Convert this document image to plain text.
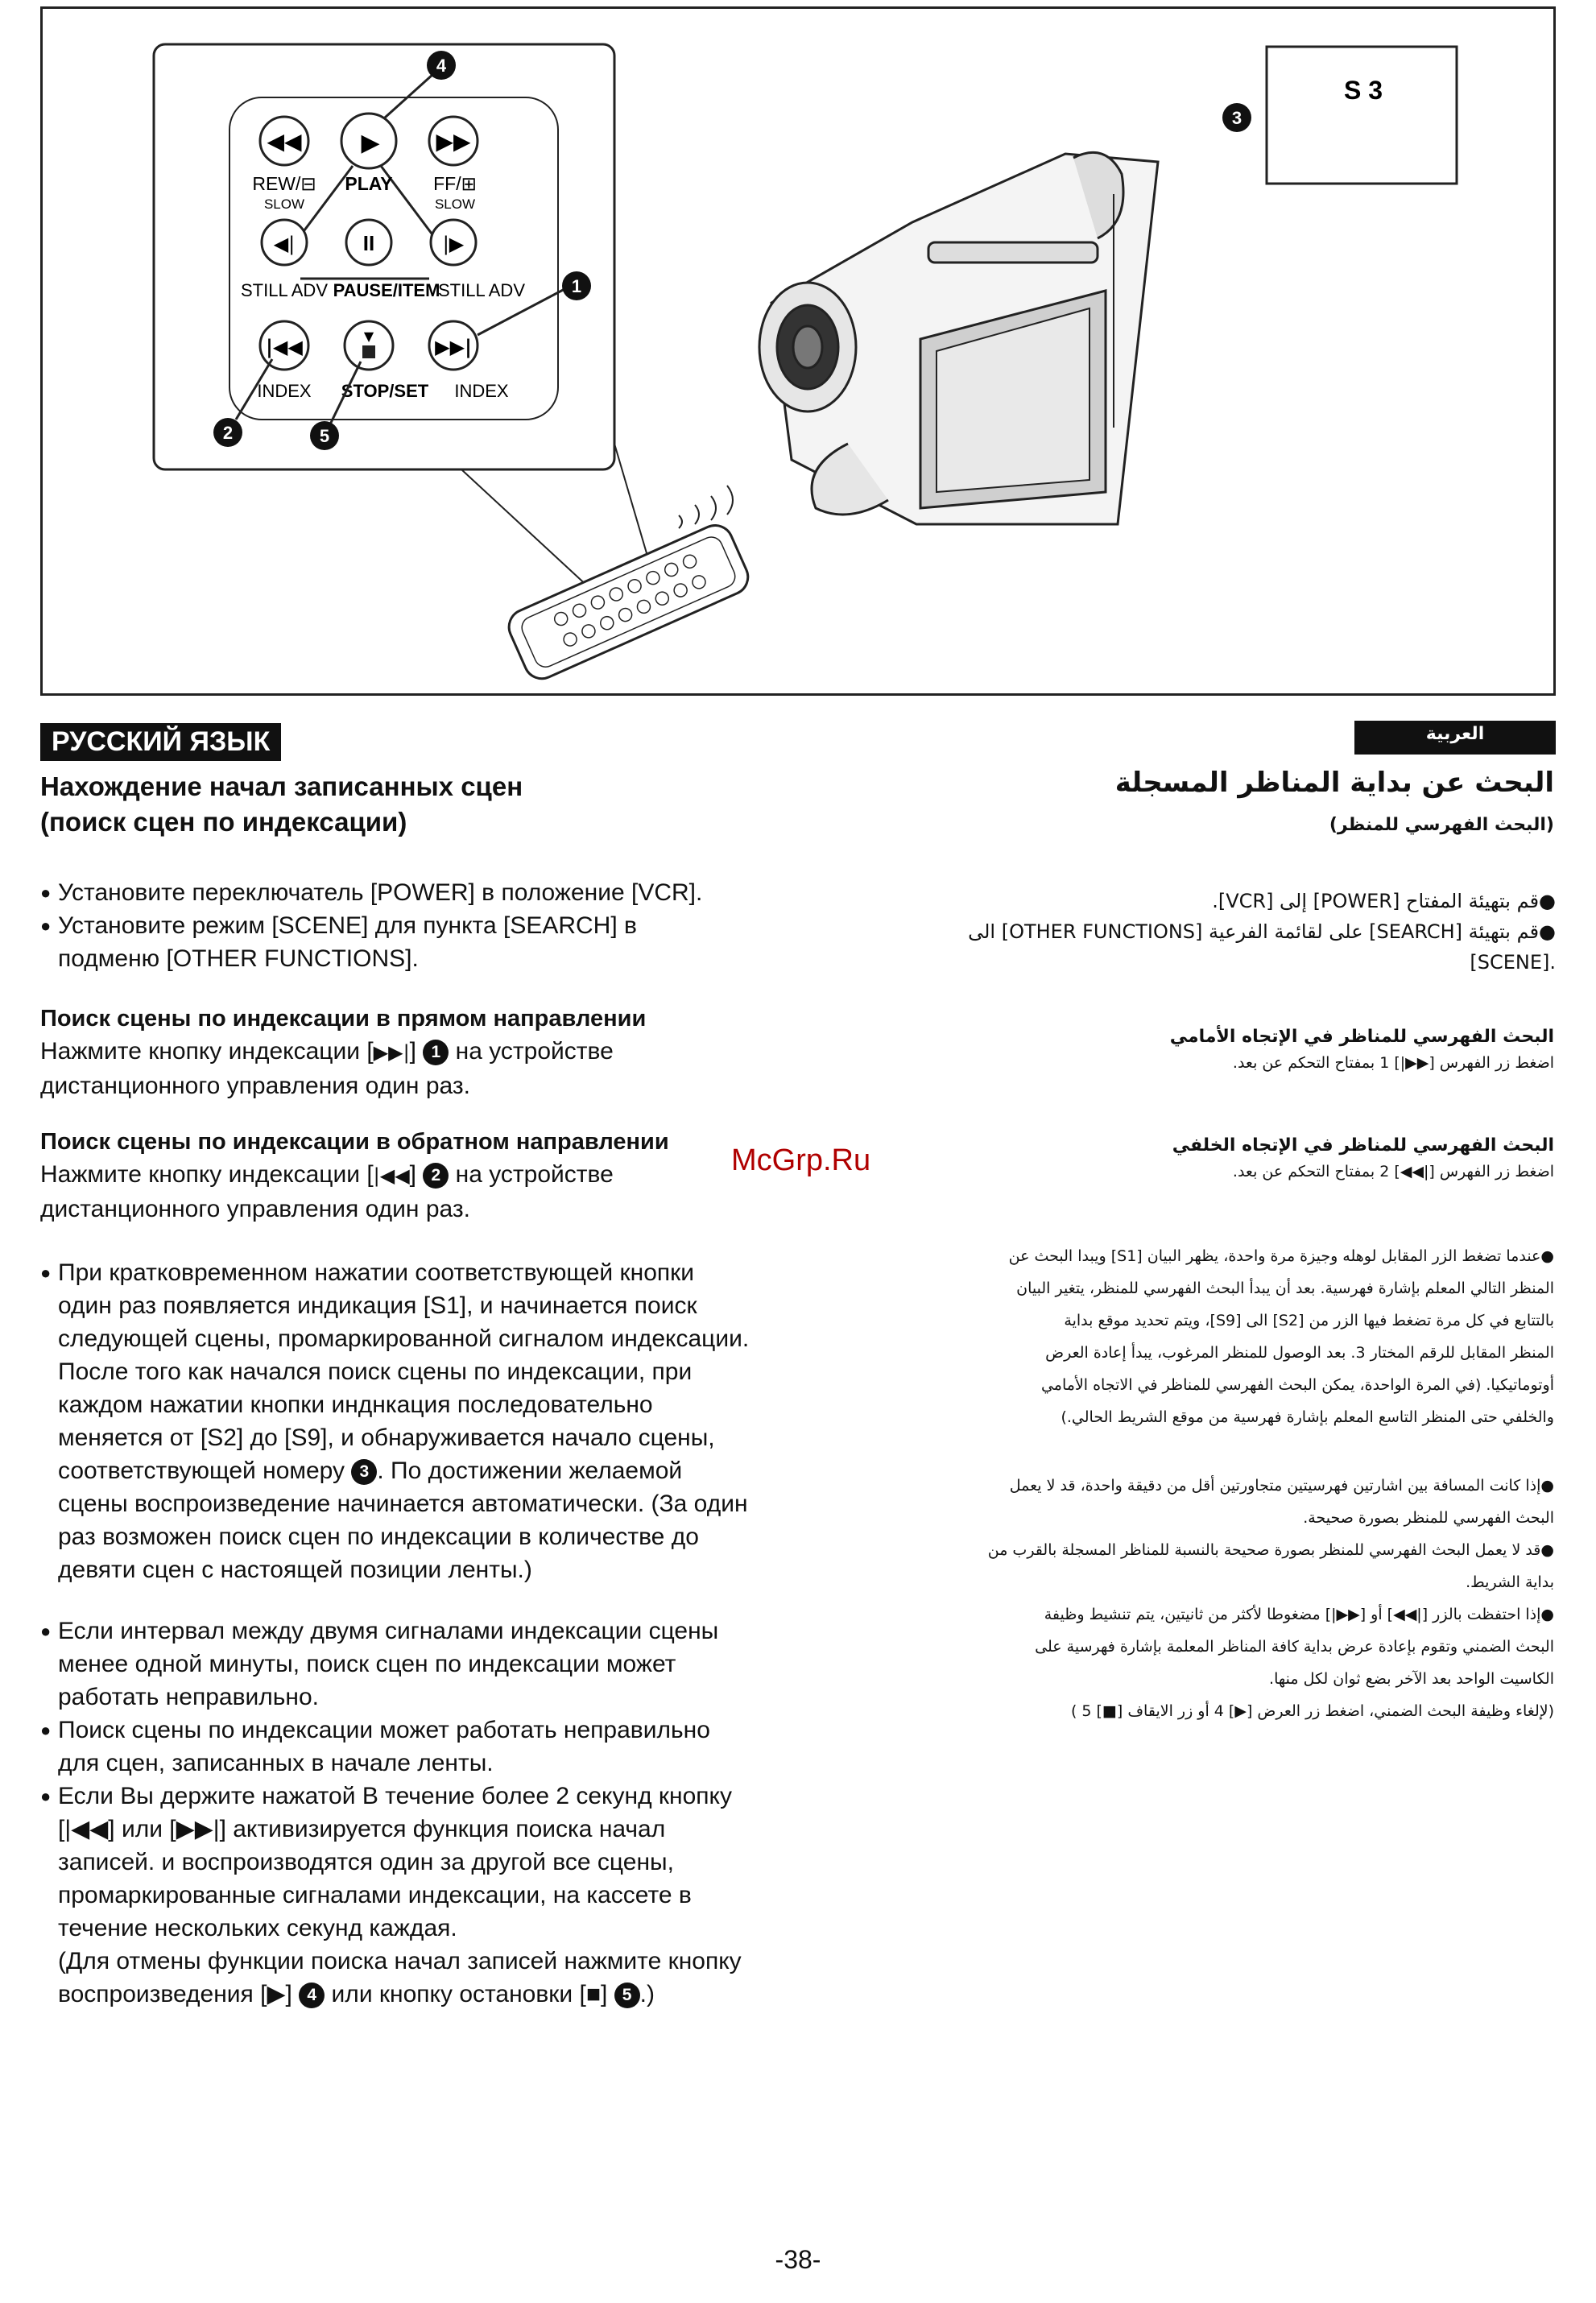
◀◀ ▶ ▶▶
REW/⊟
SLOW
PLAY FF/⊞
SLOW
◀|	II	|▶
STILL ADV PAUSE/ITEM
STILL ADV
|◀◀	▼	▶▶|
INDEX STOP/SET INDEX
4
1
2	5
3
S 3
РУССКИЙ ЯЗЫК
Нахождение начал записанных сцен
(поиск сцен по индексации)
● Установите переключатель [POWER] в положение [VCR].
● Установите режим [SCENE] для пункта [SEARCH] в
подменю [OTHER FUNCTIONS].
Поиск сцены по индексации в прямом направлении
Нажмите кнопку индексации [▶▶|] 1 на устройстве
дистанционного управления один раз.
Поиск сцены по индексации в обратном направлении
Нажмите кнопку индексации [|◀◀] 2 на устройстве
дистанционного управления один раз.
● При кратковременном нажатии соответствующей кнопки
один раз появляется индикация [S1], и начинается поиск
следующей сцены, промаркированной сигналом индексации.
После того как начался поиск сцены по индексации, при
каждом нажатии кнопки инднкация последовательно
меняется от [S2] до [S9], и обнаруживается начало сцены,
соответствующей номеру 3 . По достижении желаемой
сцены воспроизведение начинается автоматически. (За один
раз возможен поиск сцен по индексации в количестве до
девяти сцен с настоящей позиции ленты.)
● Если интервал между двумя сигналами индексации сцены
менее одной минуты, поиск сцен по индексации может
работать неправильно.
● Поиск сцены по индексации может работать неправильно
для сцен, записанных в начале ленты.
● Если Вы держите нажатой В течение более 2 секунд кнопку
[|◀◀] или [▶▶|] активизируется функция поиска начал
записей. и воспроизводятся один за другой все сцены,
промаркированные сигналами индексации, на кассете в
течение нескольких секунд каждая.
(Для отмены функции поиска начал записей нажмите кнопку
воспроизведения [▶] 4 или кнопку остановки [■] 5 .)
McGrp.Ru
العربية
البحث عن بداية المناظر المسجلة
(البحث الفهرسي للمنظر)
●قم بتهيئة المفتاح [POWER] إلى [VCR].
●قم بتهيئة [SEARCH] على لقائمة الفرعية [OTHER FUNCTIONS] الى
.[SCENE]
البحث الفهرسي للمناظر في الإتجاه الأمامي
اضغط زر الفهرس [▶▶|] 1 بمفتاح التحكم عن بعد.
البحث الفهرسي للمناظر في الإتجاه الخلفي
اضغط زر الفهرس [|◀◀] 2 بمفتاح التحكم عن بعد.
●عندما تضغط الزر المقابل لوهله وجيزة مرة واحدة، يظهر البيان [S1] ويبدا البحث عن
المنظر التالي المعلم بإشارة فهرسية. بعد أن يبدأ البحث الفهرسي للمنظر، يتغير البيان
بالتتابع في كل مرة تضغط فيها الزر من [S2] الى [S9]، ويتم تحديد موقع بداية
المنظر المقابل للرقم المختار 3. بعد الوصول للمنظر المرغوب، يبدأ إعادة العرض
أوتوماتيكيا. (في المرة الواحدة، يمكن البحث الفهرسي للمناظر في الاتجاه الأمامي
والخلفي حتى المنظر التاسع المعلم بإشارة فهرسية من موقع الشريط الحالي.)
●إذا كانت المسافة بين اشارتين فهرسيتين متجاورتين أقل من دقيقة واحدة، قد لا يعمل
البحث الفهرسي للمنظر بصورة صحيحة.
●قد لا يعمل البحث الفهرسي للمنظر بصورة صحيحة بالنسبة للمناظر المسجلة بالقرب من
بداية الشريط.
●إذا احتفظت بالزر [|◀◀] أو [▶▶|] مضغوطا لأكثر من ثانيتين، يتم تنشيط وظيفة
البحث الضمني وتقوم بإعادة عرض بداية كافة المناظر المعلمة بإشارة فهرسية على
الكاسيت الواحد بعد الآخر بضع ثوان لكل منها.
(لإلغاء وظيفة البحث الضمني، اضغط زر العرض [▶] 4 أو زر الايقاف [■] 5 )
-38-
